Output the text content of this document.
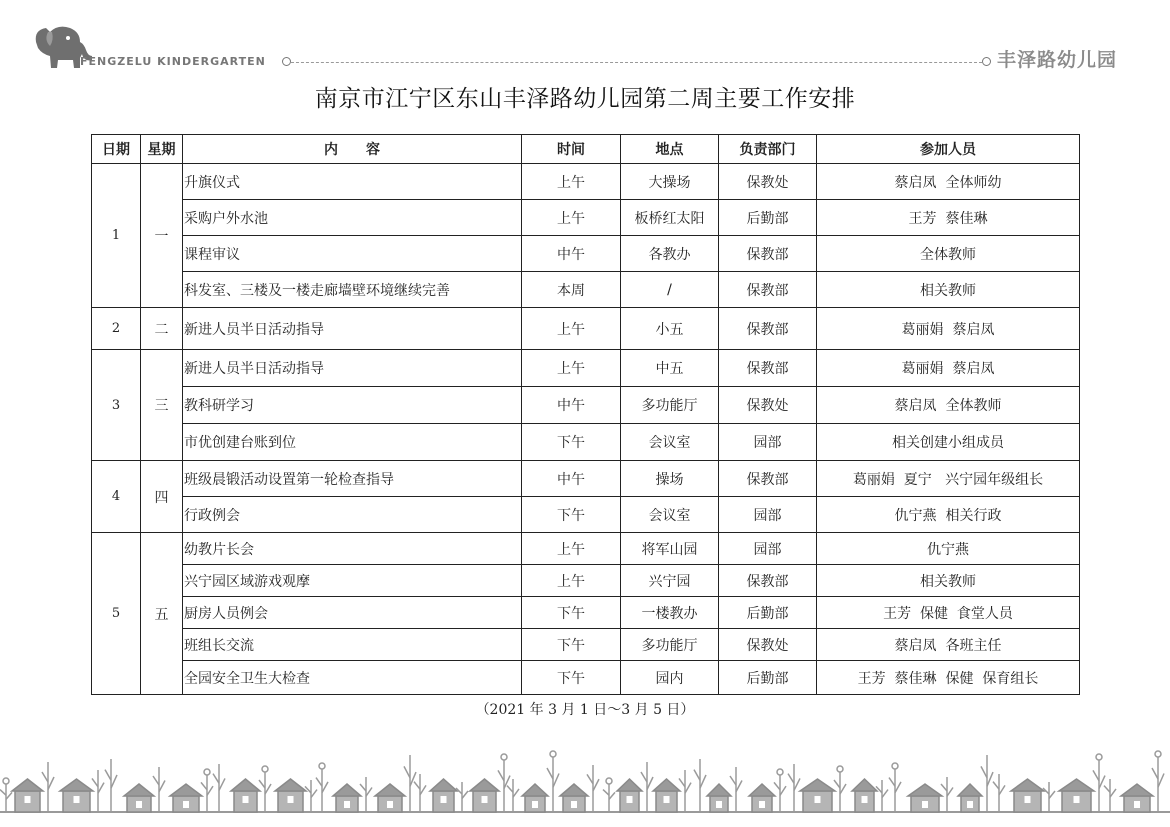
FENGZELU KINDERGARTEN	丰泽路幼儿园
南京市江宁区东山丰泽路幼儿园第二周主要工作安排
日期	星期	内　　容	时间	地点	负责部门	参加人员
1	一	升旗仪式	上午	大操场	保教处	蔡启凤  全体师幼
		采购户外水池	上午	板桥红太阳	后勤部	王芳  蔡佳琳
		课程审议	中午	各教办	保教部	全体教师
		科发室、三楼及一楼走廊墙壁环境继续完善	本周	/	保教部	相关教师
2	二	新进人员半日活动指导	上午	小五	保教部	葛丽娟  蔡启凤
3	三	新进人员半日活动指导	上午	中五	保教部	葛丽娟  蔡启凤
		教科研学习	中午	多功能厅	保教处	蔡启凤  全体教师
		市优创建台账到位	下午	会议室	园部	相关创建小组成员
4	四	班级晨锻活动设置第一轮检查指导	中午	操场	保教部	葛丽娟  夏宁   兴宁园年级组长
		行政例会	下午	会议室	园部	仇宁燕  相关行政
5	五	幼教片长会	上午	将军山园	园部	仇宁燕
		兴宁园区域游戏观摩	上午	兴宁园	保教部	相关教师
		厨房人员例会	下午	一楼教办	后勤部	王芳  保健  食堂人员
		班组长交流	下午	多功能厅	保教处	蔡启凤  各班主任
		全园安全卫生大检查	下午	园内	后勤部	王芳  蔡佳琳  保健  保育组长
（2021 年 3 月 1 日～3 月 5 日）
